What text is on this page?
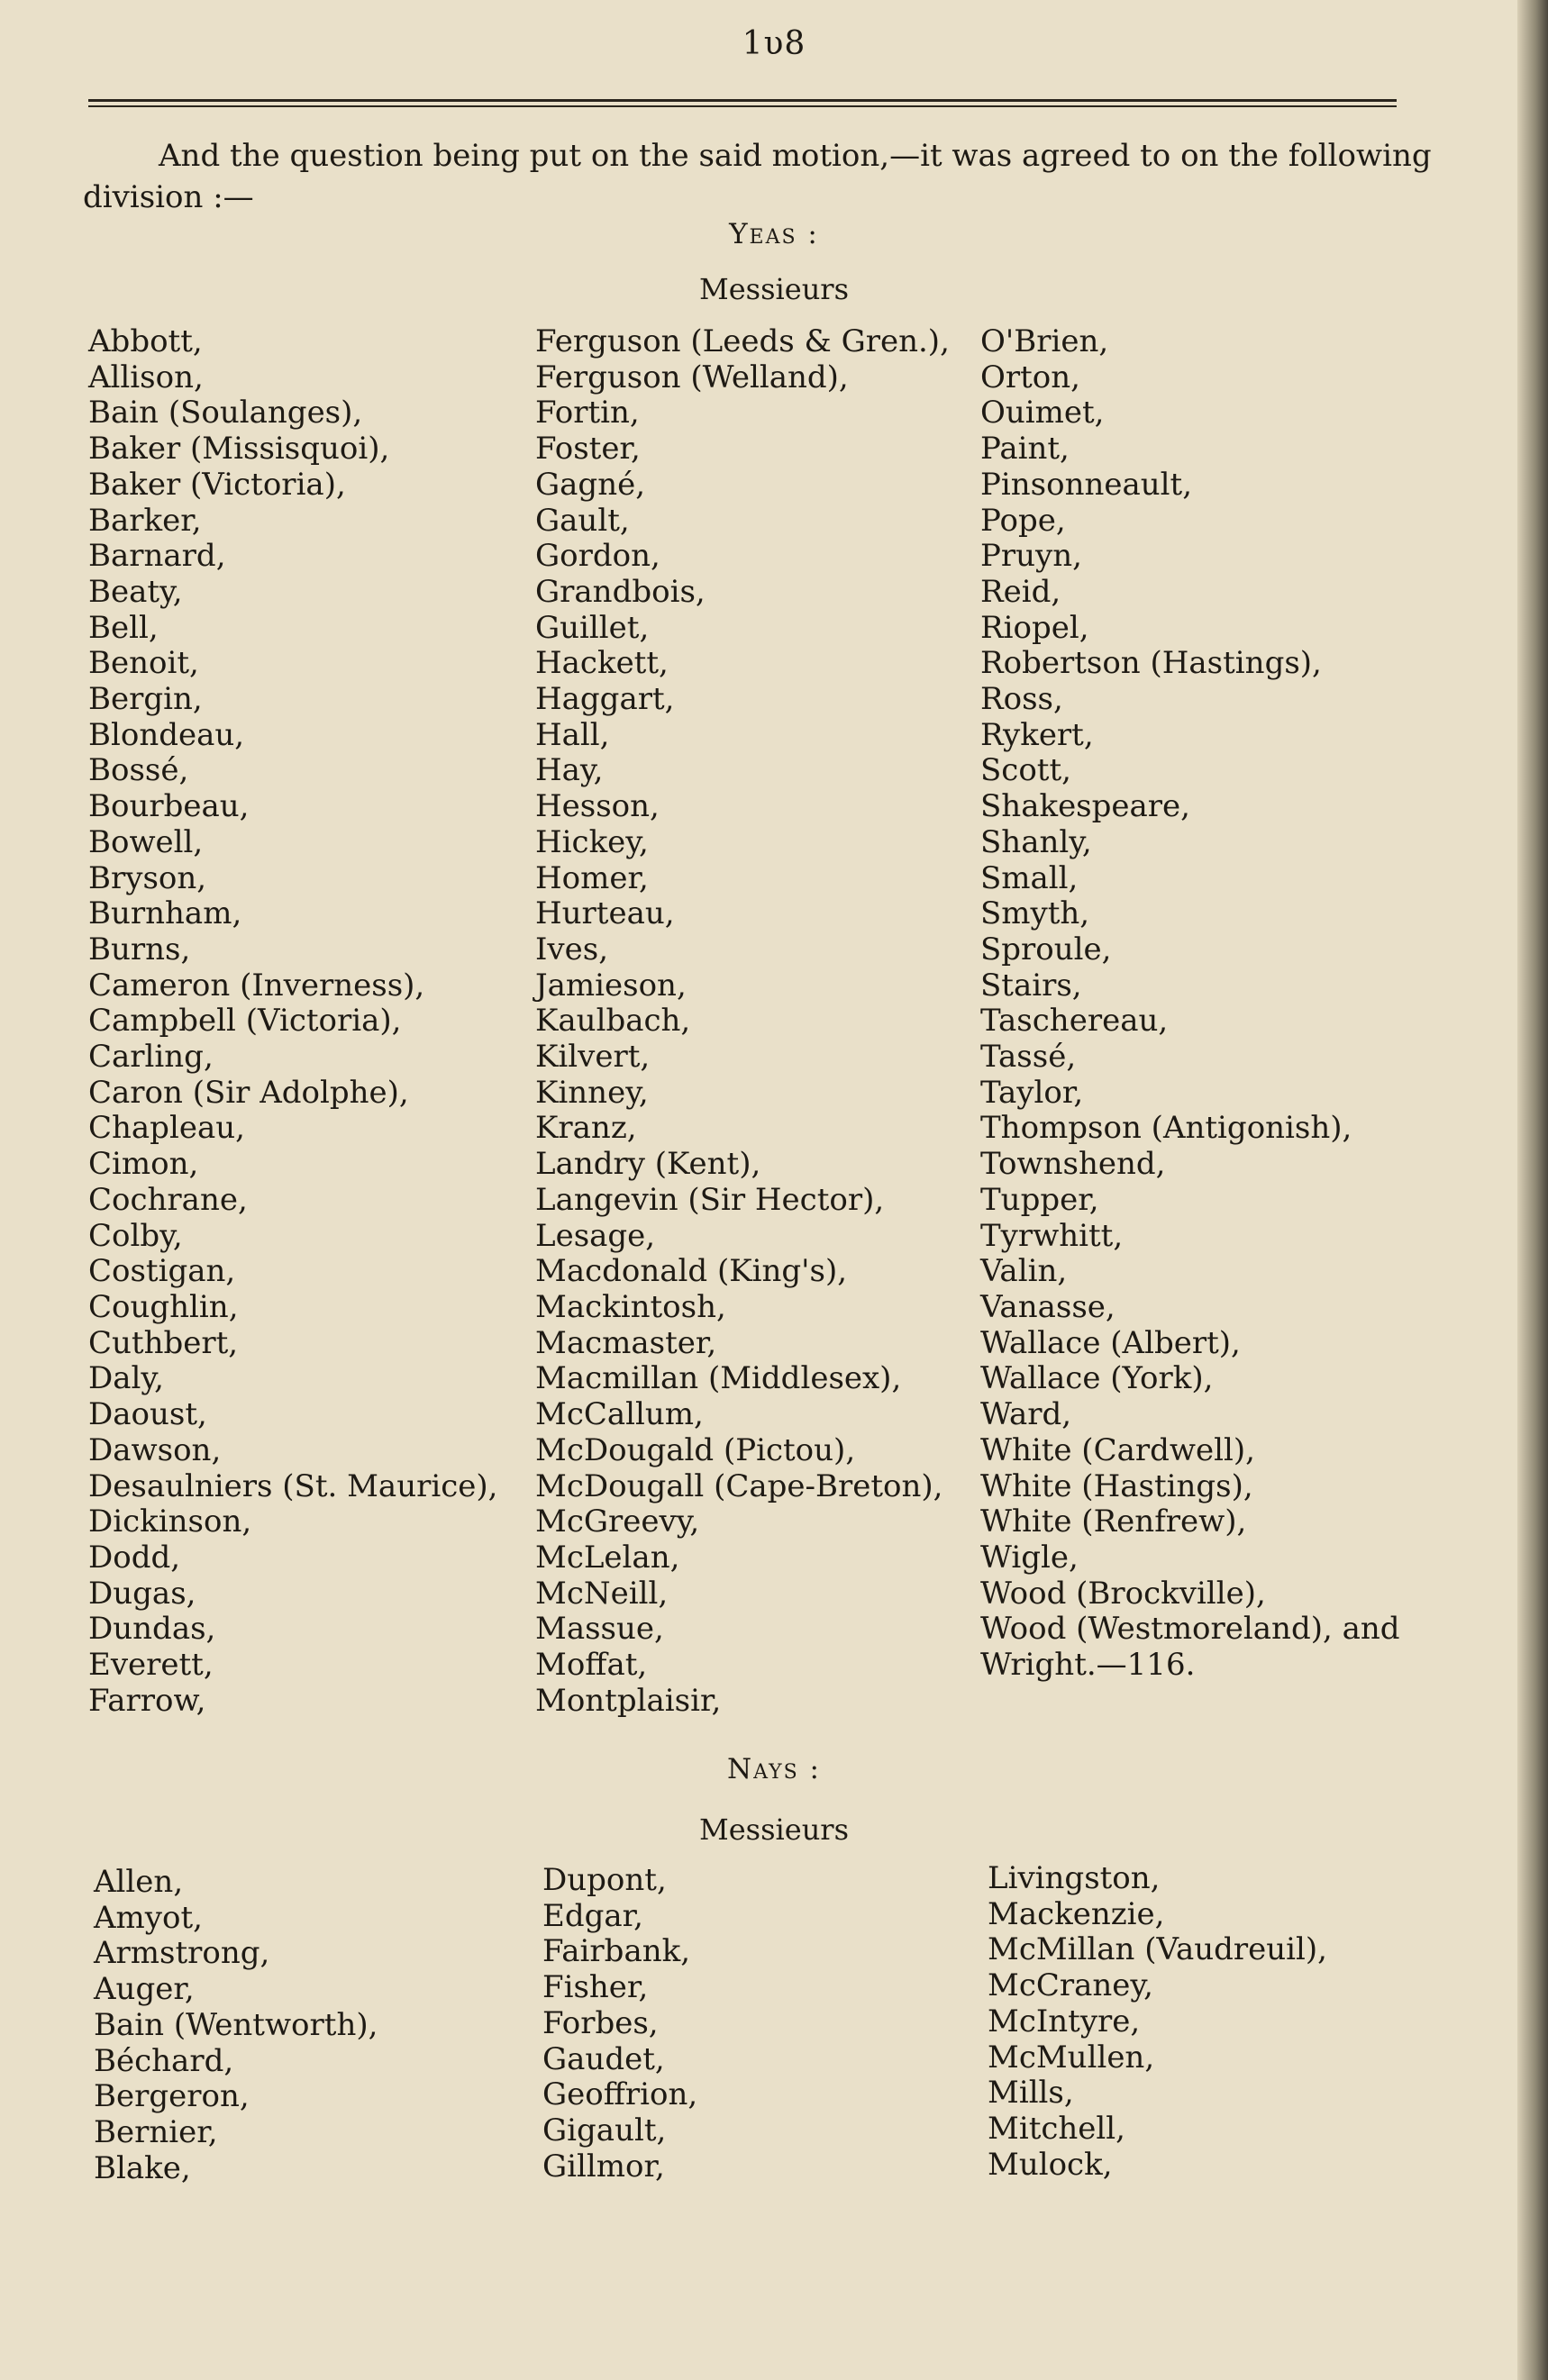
1υ8

And the question being put on the said motion,—it was agreed to on the following division :—

Yeas :
Messieurs
Abbott,
Allison,
Bain (Soulanges),
Baker (Missisquoi),
Baker (Victoria),
Barker,
Barnard,
Beaty,
Bell,
Benoit,
Bergin,
Blondeau,
Bossé,
Bourbeau,
Bowell,
Bryson,
Burnham,
Burns,
Cameron (Inverness),
Campbell (Victoria),
Carling,
Caron (Sir Adolphe),
Chapleau,
Cimon,
Cochrane,
Colby,
Costigan,
Coughlin,
Cuthbert,
Daly,
Daoust,
Dawson,
Desaulniers (St. Maurice),
Dickinson,
Dodd,
Dugas,
Dundas,
Everett,
Farrow,
Ferguson (Leeds & Gren.),
Ferguson (Welland),
Fortin,
Foster,
Gagné,
Gault,
Gordon,
Grandbois,
Guillet,
Hackett,
Haggart,
Hall,
Hay,
Hesson,
Hickey,
Homer,
Hurteau,
Ives,
Jamieson,
Kaulbach,
Kilvert,
Kinney,
Kranz,
Landry (Kent),
Langevin (Sir Hector),
Lesage,
Macdonald (King's),
Mackintosh,
Macmaster,
Macmillan (Middlesex),
McCallum,
McDougald (Pictou),
McDougall (Cape-Breton),
McGreevy,
McLelan,
McNeill,
Massue,
Moffat,
Montplaisir,
O'Brien,
Orton,
Ouimet,
Paint,
Pinsonneault,
Pope,
Pruyn,
Reid,
Riopel,
Robertson (Hastings),
Ross,
Rykert,
Scott,
Shakespeare,
Shanly,
Small,
Smyth,
Sproule,
Stairs,
Taschereau,
Tassé,
Taylor,
Thompson (Antigonish),
Townshend,
Tupper,
Tyrwhitt,
Valin,
Vanasse,
Wallace (Albert),
Wallace (York),
Ward,
White (Cardwell),
White (Hastings),
White (Renfrew),
Wigle,
Wood (Brockville),
Wood (Westmoreland), and
Wright.—116.
Nays :
Messieurs
Allen,
Amyot,
Armstrong,
Auger,
Bain (Wentworth),
Béchard,
Bergeron,
Bernier,
Blake,
Dupont,
Edgar,
Fairbank,
Fisher,
Forbes,
Gaudet,
Geoffrion,
Gigault,
Gillmor,
Livingston,
Mackenzie,
McMillan (Vaudreuil),
McCraney,
McIntyre,
McMullen,
Mills,
Mitchell,
Mulock,
